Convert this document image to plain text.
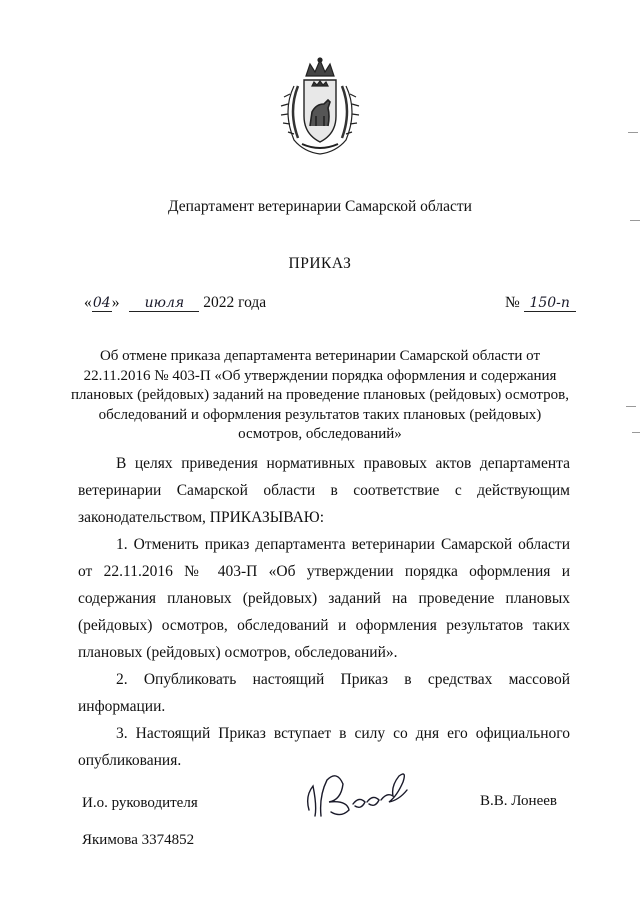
Департамент ветеринарии Самарской области
ПРИКАЗ
«04» июля 2022 года	№ 150-п
Об отмене приказа департамента ветеринарии Самарской области от 22.11.2016 № 403-П «Об утверждении порядка оформления и содержания плановых (рейдовых) заданий на проведение плановых (рейдовых) осмотров, обследований и оформления результатов таких плановых (рейдовых) осмотров, обследований»

В целях приведения нормативных правовых актов департамента ветеринарии Самарской области в соответствие с действующим законодательством, ПРИКАЗЫВАЮ:

1. Отменить приказ департамента ветеринарии Самарской области от 22.11.2016 № 403-П «Об утверждении порядка оформления и содержания плановых (рейдовых) заданий на проведение плановых (рейдовых) осмотров, обследований и оформления результатов таких плановых (рейдовых) осмотров, обследований».

2. Опубликовать настоящий Приказ в средствах массовой информации.

3. Настоящий Приказ вступает в силу со дня его официального опубликования.

И.о. руководителя	В.В. Лонеев
Якимова 3374852
